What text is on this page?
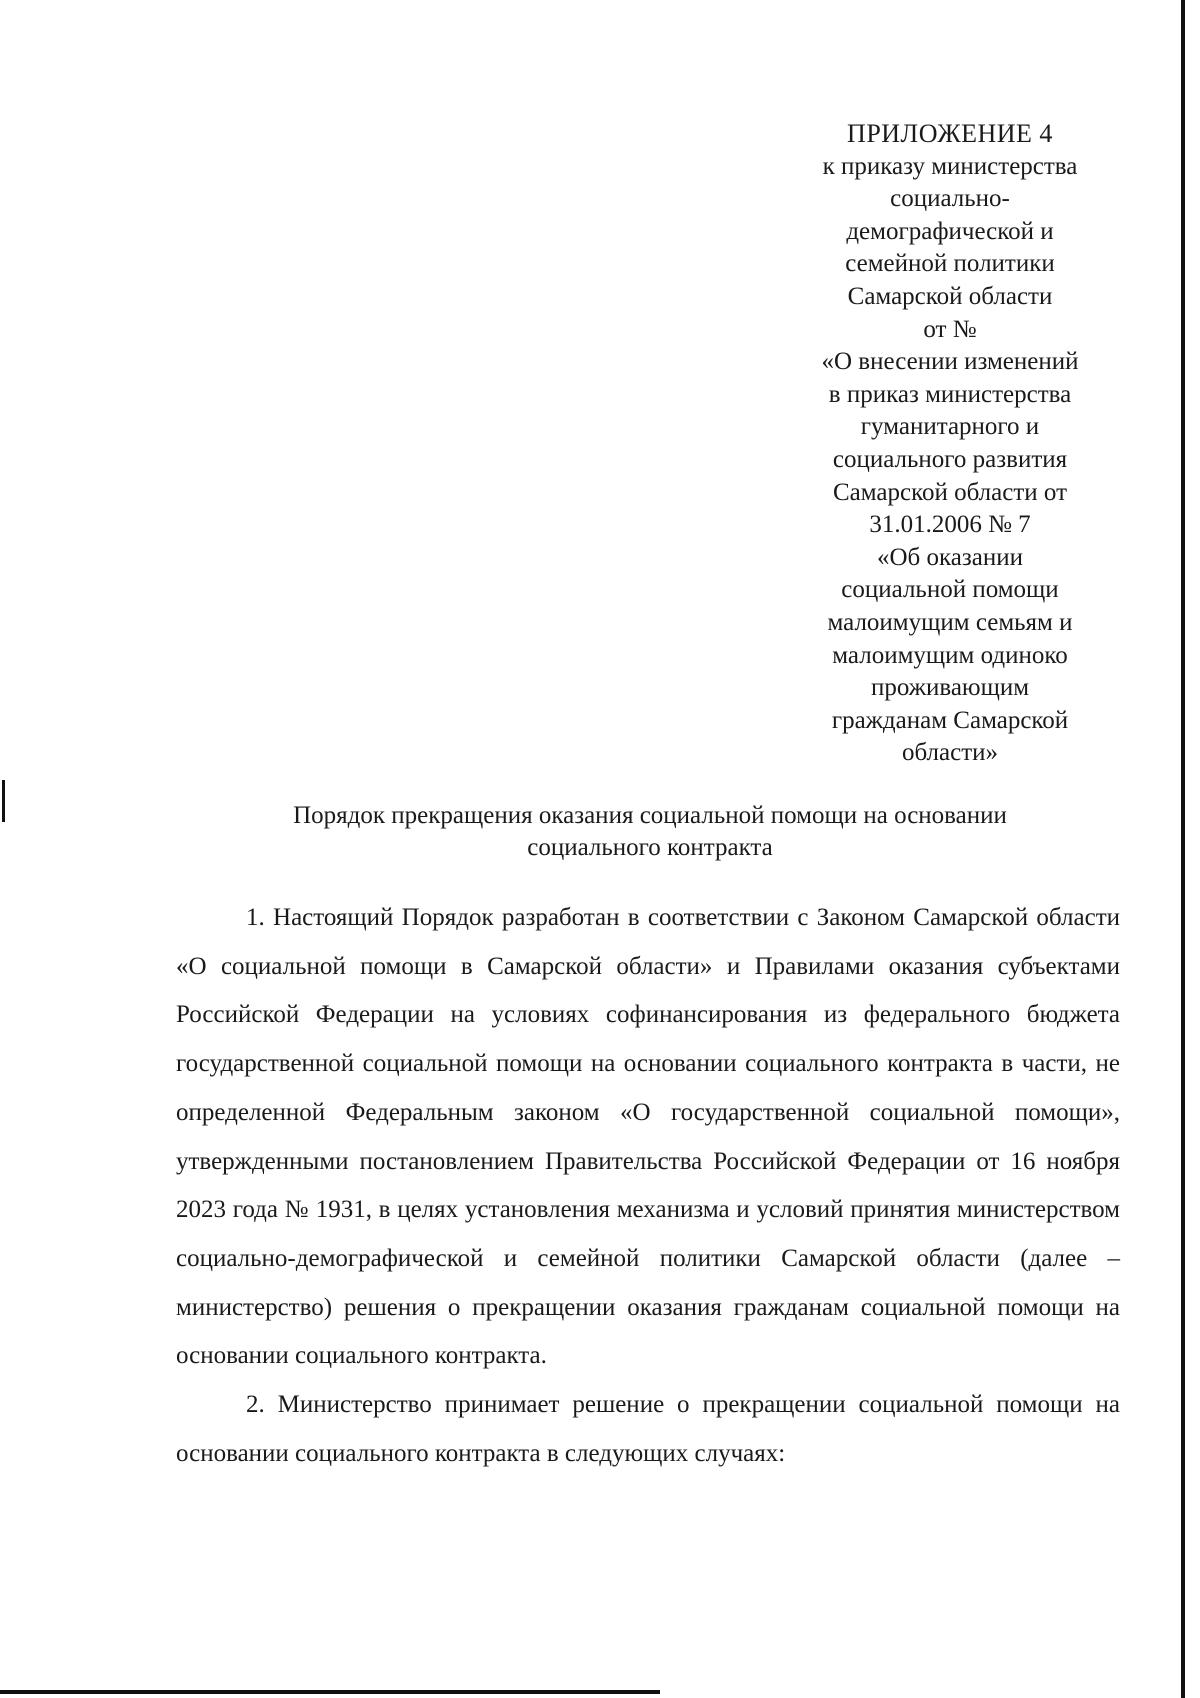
ПРИЛОЖЕНИЕ 4
к приказу министерства
социально-
демографической и
семейной политики
Самарской области
от №
«О внесении изменений
в приказ министерства
гуманитарного и
социального развития
Самарской области от
31.01.2006 № 7
«Об оказании
социальной помощи
малоимущим семьям и
малоимущим одиноко
проживающим
гражданам Самарской
области»
Порядок прекращения оказания социальной помощи на основании
социального контракта

1. Настоящий Порядок разработан в соответствии с Законом Самарской области «О социальной помощи в Самарской области» и Правилами оказания субъектами Российской Федерации на условиях софинансирования из федерального бюджета государственной социальной помощи на основании социального контракта в части, не определенной Федеральным законом «О государственной социальной помощи», утвержденными постановлением Правительства Российской Федерации от 16 ноября 2023 года № 1931, в целях установления механизма и условий принятия министерством социально-демографической и семейной политики Самарской области (далее – министерство) решения о прекращении оказания гражданам социальной помощи на основании социального контракта.

2. Министерство принимает решение о прекращении социальной помощи на основании социального контракта в следующих случаях:
